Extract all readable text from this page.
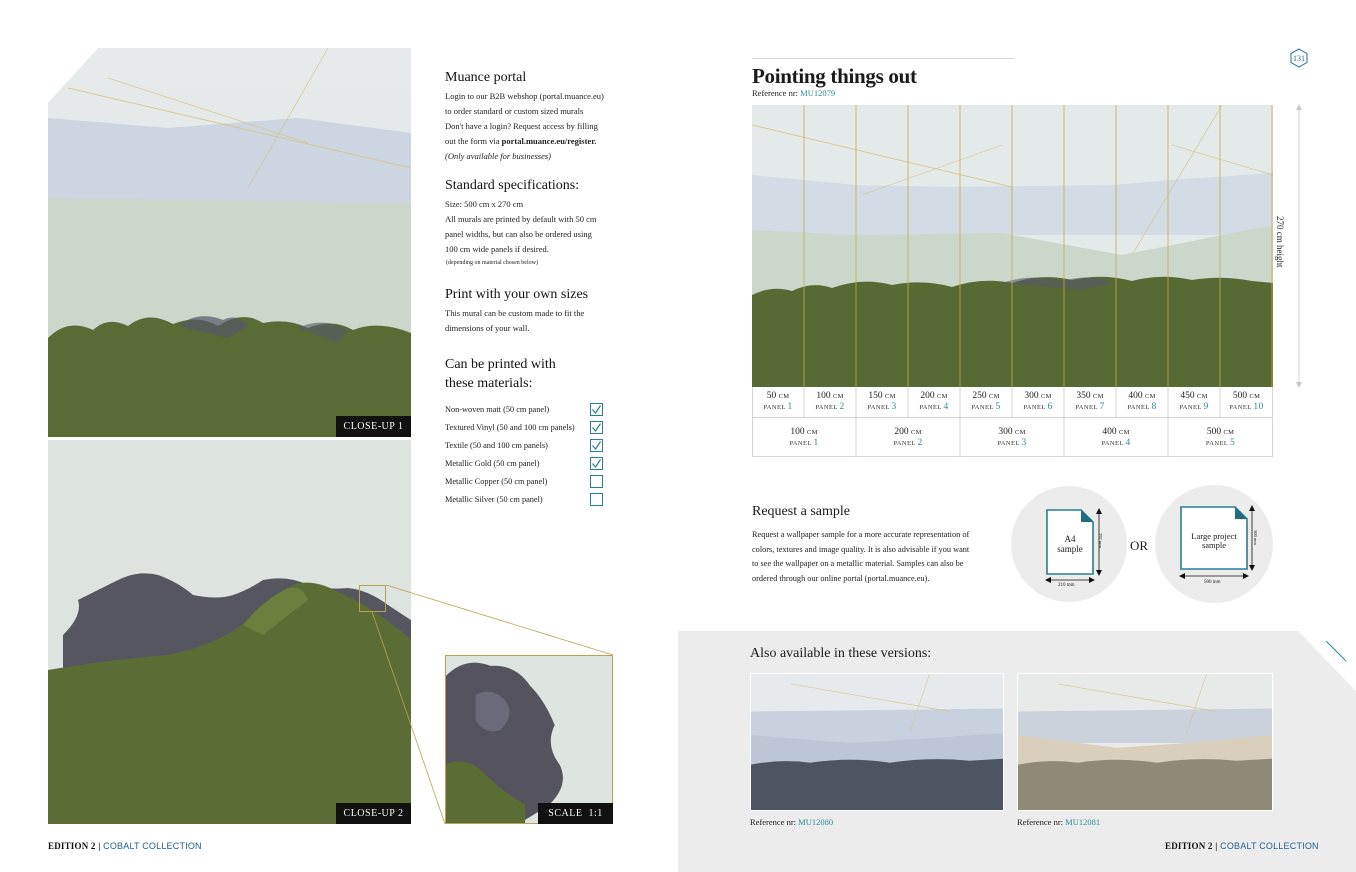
CLOSE-UP 1
CLOSE-UP 2	SCALE
1:1
Muance portal
Login to our B2B webshop (portal.muance.eu)
to order standard or custom sized murals
Don't have a login? Request access by filling
out the form via portal.muance.eu/register.
(Only available for businesses)
Standard specifications:
Size: 500 cm x 270 cm
All murals are printed by default with 50 cm
panel widths, but can also be ordered using
100 cm wide panels if desired.
(depending on material chosen below)
Print with your own sizes
This mural can be custom made to fit the
dimensions of your wall.
Can be printed with
these materials:
Non-woven matt (50 cm panel)
Textured Vinyl (50 and 100 cm panels)
Textile (50 and 100 cm panels)
Metallic Gold (50 cm panel)
Metallic Copper (50 cm panel)
Metallic Silver (50 cm panel)
EDITION 2 | COBALT COLLECTION
131
Pointing things out
Reference nr: MU12079
50 CM
PANEL 1
100 CM
PANEL 2
150 CM
PANEL 3
200 CM
PANEL 4
250 CM
PANEL 5
300 CM
PANEL 6
350 CM
PANEL 7
400 CM
PANEL 8
450 CM
PANEL 9
500 CM
PANEL 10
100 CM
PANEL 1
200 CM
PANEL 2
300 CM
PANEL 3
400 CM
PANEL 4
500 CM
PANEL 5
270 cm height
Request a sample
Request a wallpaper sample for a more accurate representation of
colors, textures and image quality. It is also advisable if you want
to see the wallpaper on a metallic material. Samples can also be
ordered through our online portal (portal.muance.eu).
A4
sample
297 mm
210 mm
OR
Large project
sample
500 mm
500 mm
Also available in these versions:
Reference nr: MU12080	Reference nr: MU12081
EDITION 2 | COBALT COLLECTION
